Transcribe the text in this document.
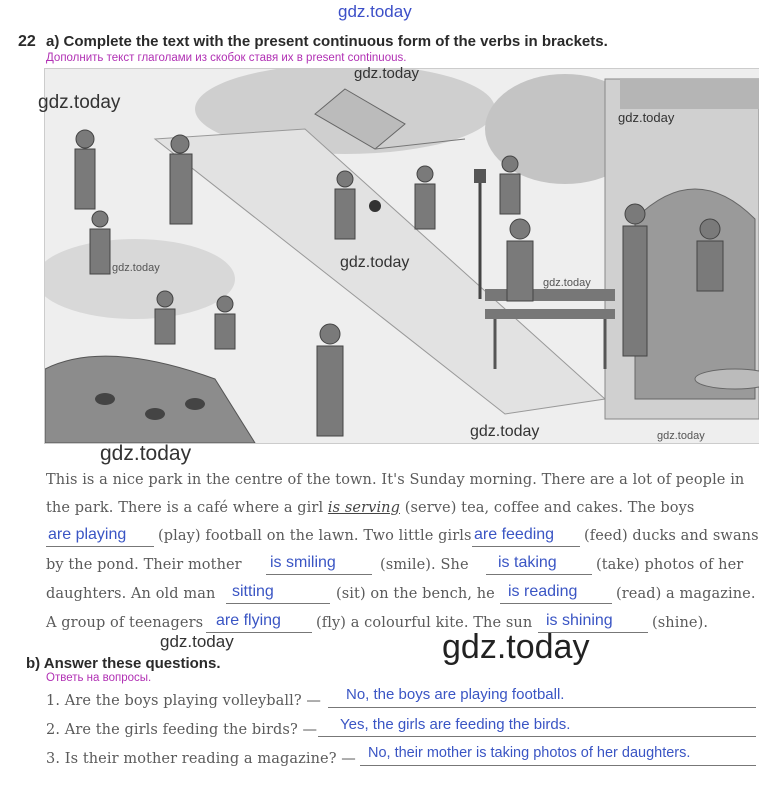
gdz.today
22 a) Complete the text with the present continuous form of the verbs in brackets.
Дополнить текст глаголами из скобок ставя их в present continuous.
gdz.today
gdz.today
gdz.today
gdz.today
gdz.today
gdz.today
gdz.today	gdz.today
gdz.today
This is a nice park in the centre of the town. It's Sunday morning. There are a lot of people in
the park. There is a café where a girl is serving (serve) tea, coffee and cakes. The boys
are playing (play) football on the lawn. Two little girls are feeding (feed) ducks and swans
by the pond. Their mother is smiling	(smile). She is taking	(take) photos of her
daughters. An old man sitting	(sit) on the bench, he is reading	(read) a magazine.
A group of teenagers are flying (fly) a colourful kite. The sun is shining	(shine).
gdz.today	gdz.today
b) Answer these questions.
Ответь на вопросы.
1. Are the boys playing volleyball? — No, the boys are playing football.
2. Are the girls feeding the birds? — Yes, the girls are feeding the birds.
3. Is their mother reading a magazine? — No, their mother is taking photos of her daughters.
